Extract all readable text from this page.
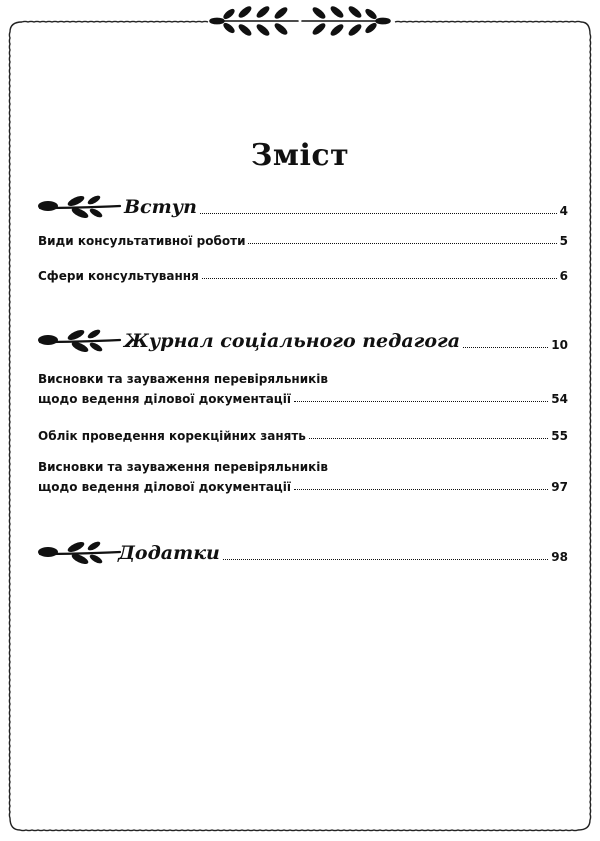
Зміст
Вступ	4
Види консультативної роботи	5
Сфери консультування	6
Журнал соціального педагога	10
Висновки та зауваження перевіряльників
щодо ведення ділової документації	54
Облік проведення корекційних занять	55
Висновки та зауваження перевіряльників
щодо ведення ділової документації	97
Додатки	98
